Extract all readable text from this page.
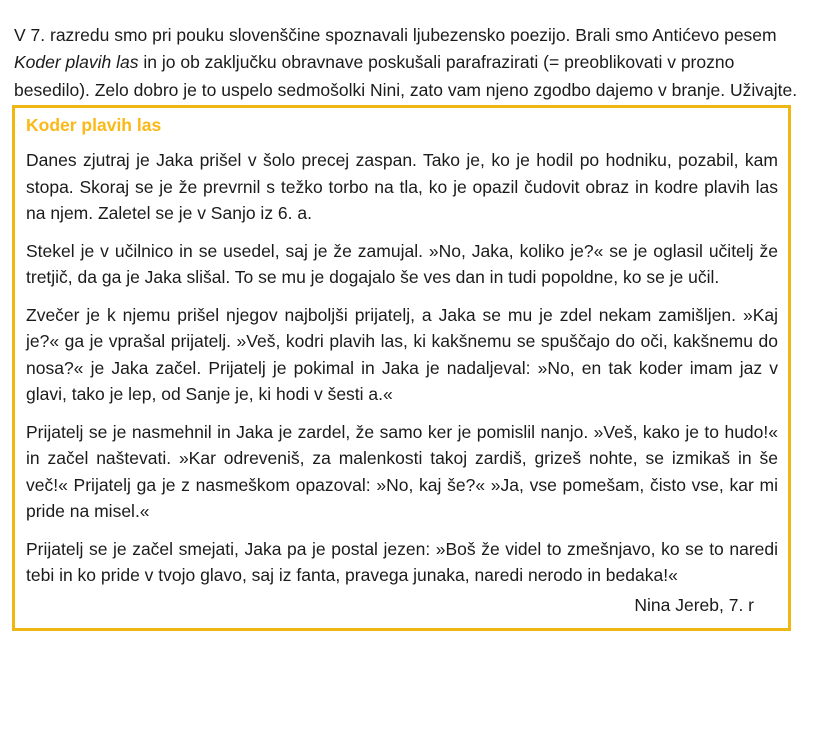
V 7. razredu smo pri pouku slovenščine spoznavali ljubezensko poezijo. Brali smo Antićevo pesem Koder plavih las in jo ob zaključku obravnave poskušali parafrazirati (= preoblikovati v prozno besedilo). Zelo dobro je to uspelo sedmošolki Nini, zato vam njeno zgodbo dajemo v branje. Uživajte.

Koder plavih las

Danes zjutraj je Jaka prišel v šolo precej zaspan. Tako je, ko je hodil po hodniku, pozabil, kam stopa. Skoraj se je že prevrnil s težko torbo na tla, ko je opazil čudovit obraz in kodre plavih las na njem. Zaletel se je v Sanjo iz 6. a.

Stekel je v učilnico in se usedel, saj je že zamujal. »No, Jaka, koliko je?« se je oglasil učitelj že tretjič, da ga je Jaka slišal. To se mu je dogajalo še ves dan in tudi popoldne, ko se je učil.

Zvečer je k njemu prišel njegov najboljši prijatelj, a Jaka se mu je zdel nekam zamišljen. »Kaj je?« ga je vprašal prijatelj. »Veš, kodri plavih las, ki kakšnemu se spuščajo do oči, kakšnemu do nosa?« je Jaka začel. Prijatelj je pokimal in Jaka je nadaljeval: »No, en tak koder imam jaz v glavi, tako je lep, od Sanje je, ki hodi v šesti a.«

Prijatelj se je nasmehnil in Jaka je zardel, že samo ker je pomislil nanjo. »Veš, kako je to hudo!« in začel naštevati. »Kar odreveniš, za malenkosti takoj zardiš, grizeš nohte, se izmikaš in še več!« Prijatelj ga je z nasmeškom opazoval: »No, kaj še?« »Ja, vse pomešam, čisto vse, kar mi pride na misel.«

Prijatelj se je začel smejati, Jaka pa je postal jezen: »Boš že videl to zmešnjavo, ko se to naredi tebi in ko pride v tvojo glavo, saj iz fanta, pravega junaka, naredi nerodo in bedaka!«

Nina Jereb, 7. r
